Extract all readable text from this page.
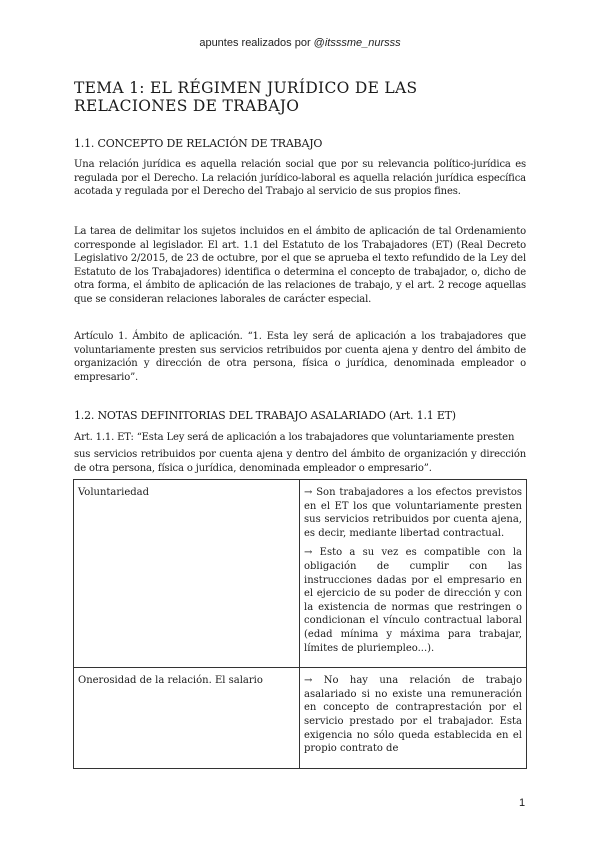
apuntes realizados por @itsssme_nursss
TEMA 1: EL RÉGIMEN JURÍDICO DE LAS RELACIONES DE TRABAJO
1.1. CONCEPTO DE RELACIÓN DE TRABAJO

Una relación jurídica es aquella relación social que por su relevancia político-jurídica es regulada por el Derecho. La relación jurídico-laboral es aquella relación jurídica específica acotada y regulada por el Derecho del Trabajo al servicio de sus propios fines.

La tarea de delimitar los sujetos incluidos en el ámbito de aplicación de tal Ordenamiento corresponde al legislador. El art. 1.1 del Estatuto de los Trabajadores (ET) (Real Decreto Legislativo 2/2015, de 23 de octubre, por el que se aprueba el texto refundido de la Ley del Estatuto de los Trabajadores) identifica o determina el concepto de trabajador, o, dicho de otra forma, el ámbito de aplicación de las relaciones de trabajo, y el art. 2 recoge aquellas que se consideran relaciones laborales de carácter especial.

Artículo 1. Ámbito de aplicación. “1. Esta ley será de aplicación a los trabajadores que voluntariamente presten sus servicios retribuidos por cuenta ajena y dentro del ámbito de organización y dirección de otra persona, física o jurídica, denominada empleador o empresario”.

1.2. NOTAS DEFINITORIAS DEL TRABAJO ASALARIADO (Art. 1.1 ET)

Art. 1.1. ET: “Esta Ley será de aplicación a los trabajadores que voluntariamente presten

sus servicios retribuidos por cuenta ajena y dentro del ámbito de organización y dirección de otra persona, física o jurídica, denominada empleador o empresario”.

Voluntariedad	→ Son trabajadores a los efectos previstos en el ET los que voluntariamente presten sus servicios retribuidos por cuenta ajena, es decir, mediante libertad contractual.

→ Esto a su vez es compatible con la obligación de cumplir con las instrucciones dadas por el empresario en el ejercicio de su poder de dirección y con la existencia de normas que restringen o condicionan el vínculo contractual laboral (edad mínima y máxima para trabajar, límites de pluriempleo...).

Onerosidad de la relación. El salario	→ No hay una relación de trabajo asalariado si no existe una remuneración en concepto de contraprestación por el servicio prestado por el trabajador. Esta exigencia no sólo queda establecida en el propio contrato de

1
